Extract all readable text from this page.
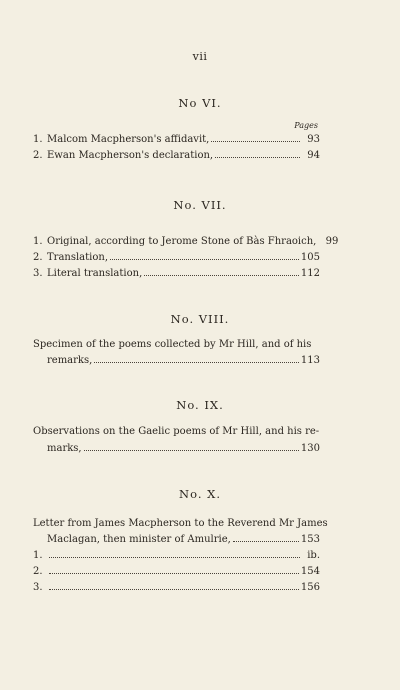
vii
No VI.
Pages
1. Malcom Macpherson's affidavit,	93
2. Ewan Macpherson's declaration,	94
No. VII.
1. Original, according to Jerome Stone of Bàs Fhraoich, 99
2. Translation,	105
3. Literal translation,	112
No. VIII.
Specimen of the poems collected by Mr Hill, and of his
remarks,	113
No. IX.
Observations on the Gaelic poems of Mr Hill, and his re-
marks,	130
No. X.
Letter from James Macpherson to the Reverend Mr James
Maclagan, then minister of Amulrie,	153
1.	ib.
2.	154
3.	156
